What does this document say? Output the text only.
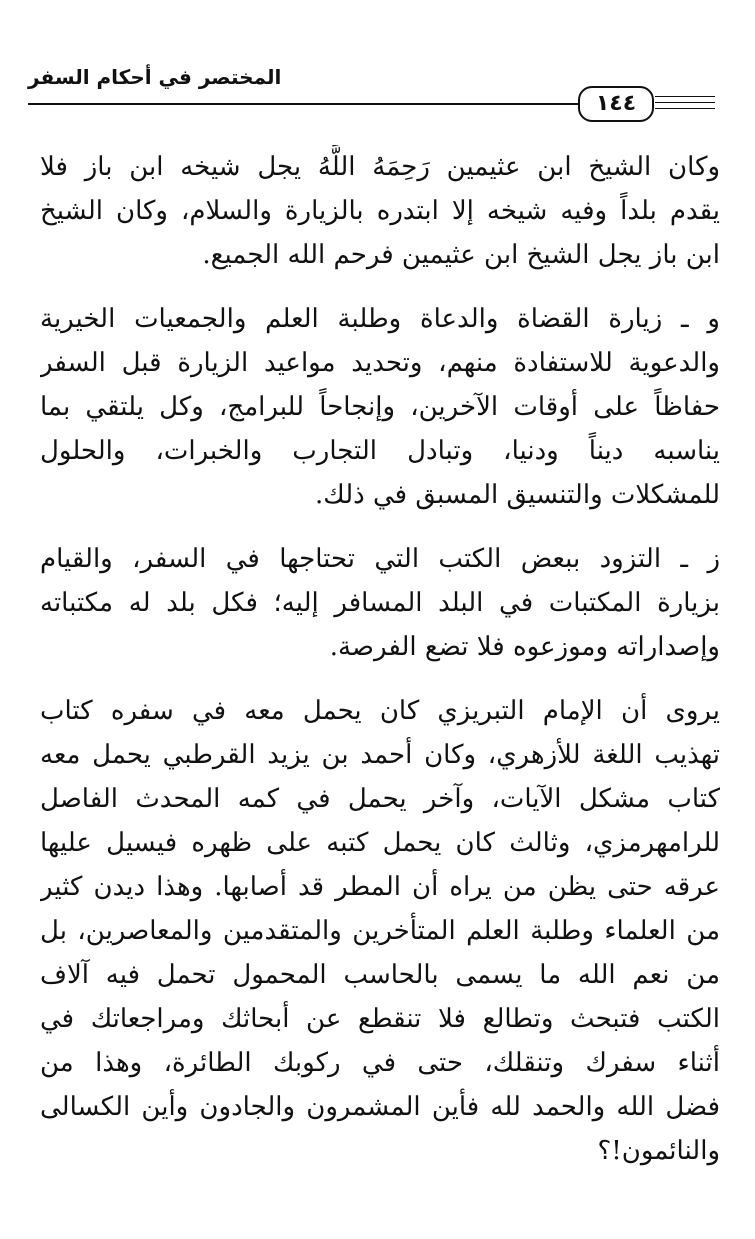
المختصر في أحكام السفر
١٤٤
وكان الشيخ ابن عثيمين رَحِمَهُ اللَّهُ يجل شيخه ابن باز فلا
يقدم بلداً وفيه شيخه إلا ابتدره بالزيارة والسلام، وكان الشيخ
ابن باز يجل الشيخ ابن عثيمين فرحم الله الجميع.
و ـ زيارة القضاة والدعاة وطلبة العلم والجمعيات الخيرية
والدعوية للاستفادة منهم، وتحديد مواعيد الزيارة قبل السفر
حفاظاً على أوقات الآخرين، وإنجاحاً للبرامج، وكل يلتقي بما
يناسبه ديناً ودنيا، وتبادل التجارب والخبرات، والحلول
للمشكلات والتنسيق المسبق في ذلك.
ز ـ التزود ببعض الكتب التي تحتاجها في السفر، والقيام
بزيارة المكتبات في البلد المسافر إليه؛ فكل بلد له مكتباته
وإصداراته وموزعوه فلا تضع الفرصة.
يروى أن الإمام التبريزي كان يحمل معه في سفره كتاب
تهذيب اللغة للأزهري، وكان أحمد بن يزيد القرطبي يحمل معه
كتاب مشكل الآيات، وآخر يحمل في كمه المحدث الفاصل
للرامهرمزي، وثالث كان يحمل كتبه على ظهره فيسيل عليها
عرقه حتى يظن من يراه أن المطر قد أصابها. وهذا ديدن كثير
من العلماء وطلبة العلم المتأخرين والمتقدمين والمعاصرين، بل
من نعم الله ما يسمى بالحاسب المحمول تحمل فيه آلاف
الكتب فتبحث وتطالع فلا تنقطع عن أبحاثك ومراجعاتك في
أثناء سفرك وتنقلك، حتى في ركوبك الطائرة، وهذا من
فضل الله والحمد لله فأين المشمرون والجادون وأين الكسالى
والنائمون!؟
